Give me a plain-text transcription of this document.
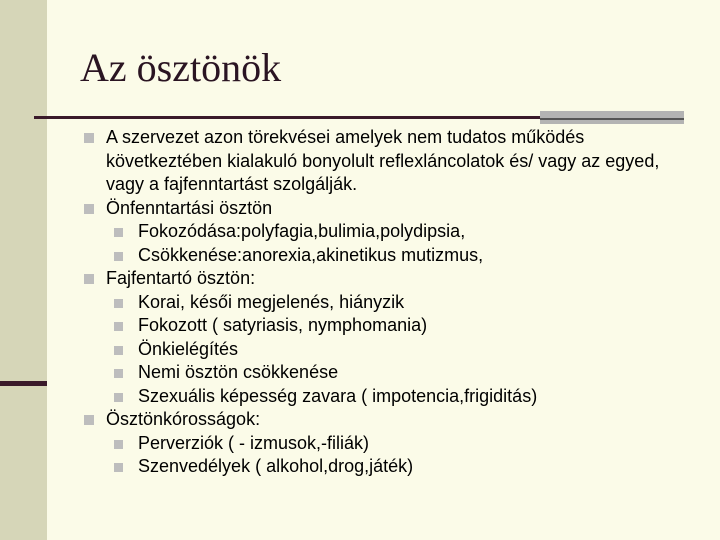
Az ösztönök
A szervezet azon törekvései amelyek nem tudatos működés következtében kialakuló bonyolult reflexláncolatok és/ vagy az egyed, vagy a fajfenntartást szolgálják.
Önfenntartási ösztön
Fokozódása:polyfagia,bulimia,polydipsia,
Csökkenése:anorexia,akinetikus mutizmus,
Fajfentartó ösztön:
Korai, késői megjelenés, hiányzik
Fokozott ( satyriasis, nymphomania)
Önkielégítés
Nemi ösztön csökkenése
Szexuális képesség zavara ( impotencia,frigiditás)
Ösztönkórosságok:
Perverziók ( - izmusok,-filiák)
Szenvedélyek ( alkohol,drog,játék)
